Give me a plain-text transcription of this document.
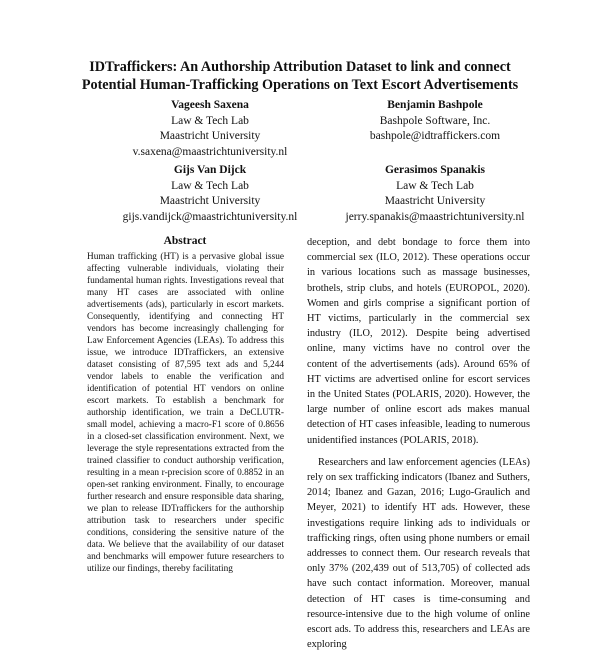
IDTraffickers: An Authorship Attribution Dataset to link and connect
Potential Human-Trafficking Operations on Text Escort Advertisements
Vageesh Saxena
Law & Tech Lab
Maastricht University
v.saxena@maastrichtuniversity.nl
Benjamin Bashpole
Bashpole Software, Inc.
bashpole@idtraffickers.com
Gijs Van Dijck
Law & Tech Lab
Maastricht University
gijs.vandijck@maastrichtuniversity.nl
Gerasimos Spanakis
Law & Tech Lab
Maastricht University
jerry.spanakis@maastrichtuniversity.nl
Abstract

Human trafficking (HT) is a pervasive global issue affecting vulnerable individuals, violating their fundamental human rights. Investigations reveal that many HT cases are associated with online advertisements (ads), particularly in escort markets. Consequently, identifying and connecting HT vendors has become increasingly challenging for Law Enforcement Agencies (LEAs). To address this issue, we introduce IDTraffickers, an extensive dataset consisting of 87,595 text ads and 5,244 vendor labels to enable the verification and identification of potential HT vendors on online escort markets. To establish a benchmark for authorship identification, we train a DeCLUTR-small model, achieving a macro-F1 score of 0.8656 in a closed-set classification environment. Next, we leverage the style representations extracted from the trained classifier to conduct authorship verification, resulting in a mean r-precision score of 0.8852 in an open-set ranking environment. Finally, to encourage further research and ensure responsible data sharing, we plan to release IDTraffickers for the authorship attribution task to researchers under specific conditions, considering the sensitive nature of the data. We believe that the availability of our dataset and benchmarks will empower future researchers to utilize our findings, thereby facilitating

deception, and debt bondage to force them into commercial sex (ILO, 2012). These operations occur in various locations such as massage businesses, brothels, strip clubs, and hotels (EUROPOL, 2020). Women and girls comprise a significant portion of HT victims, particularly in the commercial sex industry (ILO, 2012). Despite being advertised online, many victims have no control over the content of the advertisements (ads). Around 65% of HT victims are advertised online for escort services in the United States (POLARIS, 2020). However, the large number of online escort ads makes manual detection of HT cases infeasible, leading to numerous unidentified instances (POLARIS, 2018).

Researchers and law enforcement agencies (LEAs) rely on sex trafficking indicators (Ibanez and Suthers, 2014; Ibanez and Gazan, 2016; Lugo-Graulich and Meyer, 2021) to identify HT ads. However, these investigations require linking ads to individuals or trafficking rings, often using phone numbers or email addresses to connect them. Our research reveals that only 37% (202,439 out of 513,705) of collected ads have such contact information. Moreover, manual detection of HT cases is time-consuming and resource-intensive due to the high volume of online escort ads. To address this, researchers and LEAs are exploring
